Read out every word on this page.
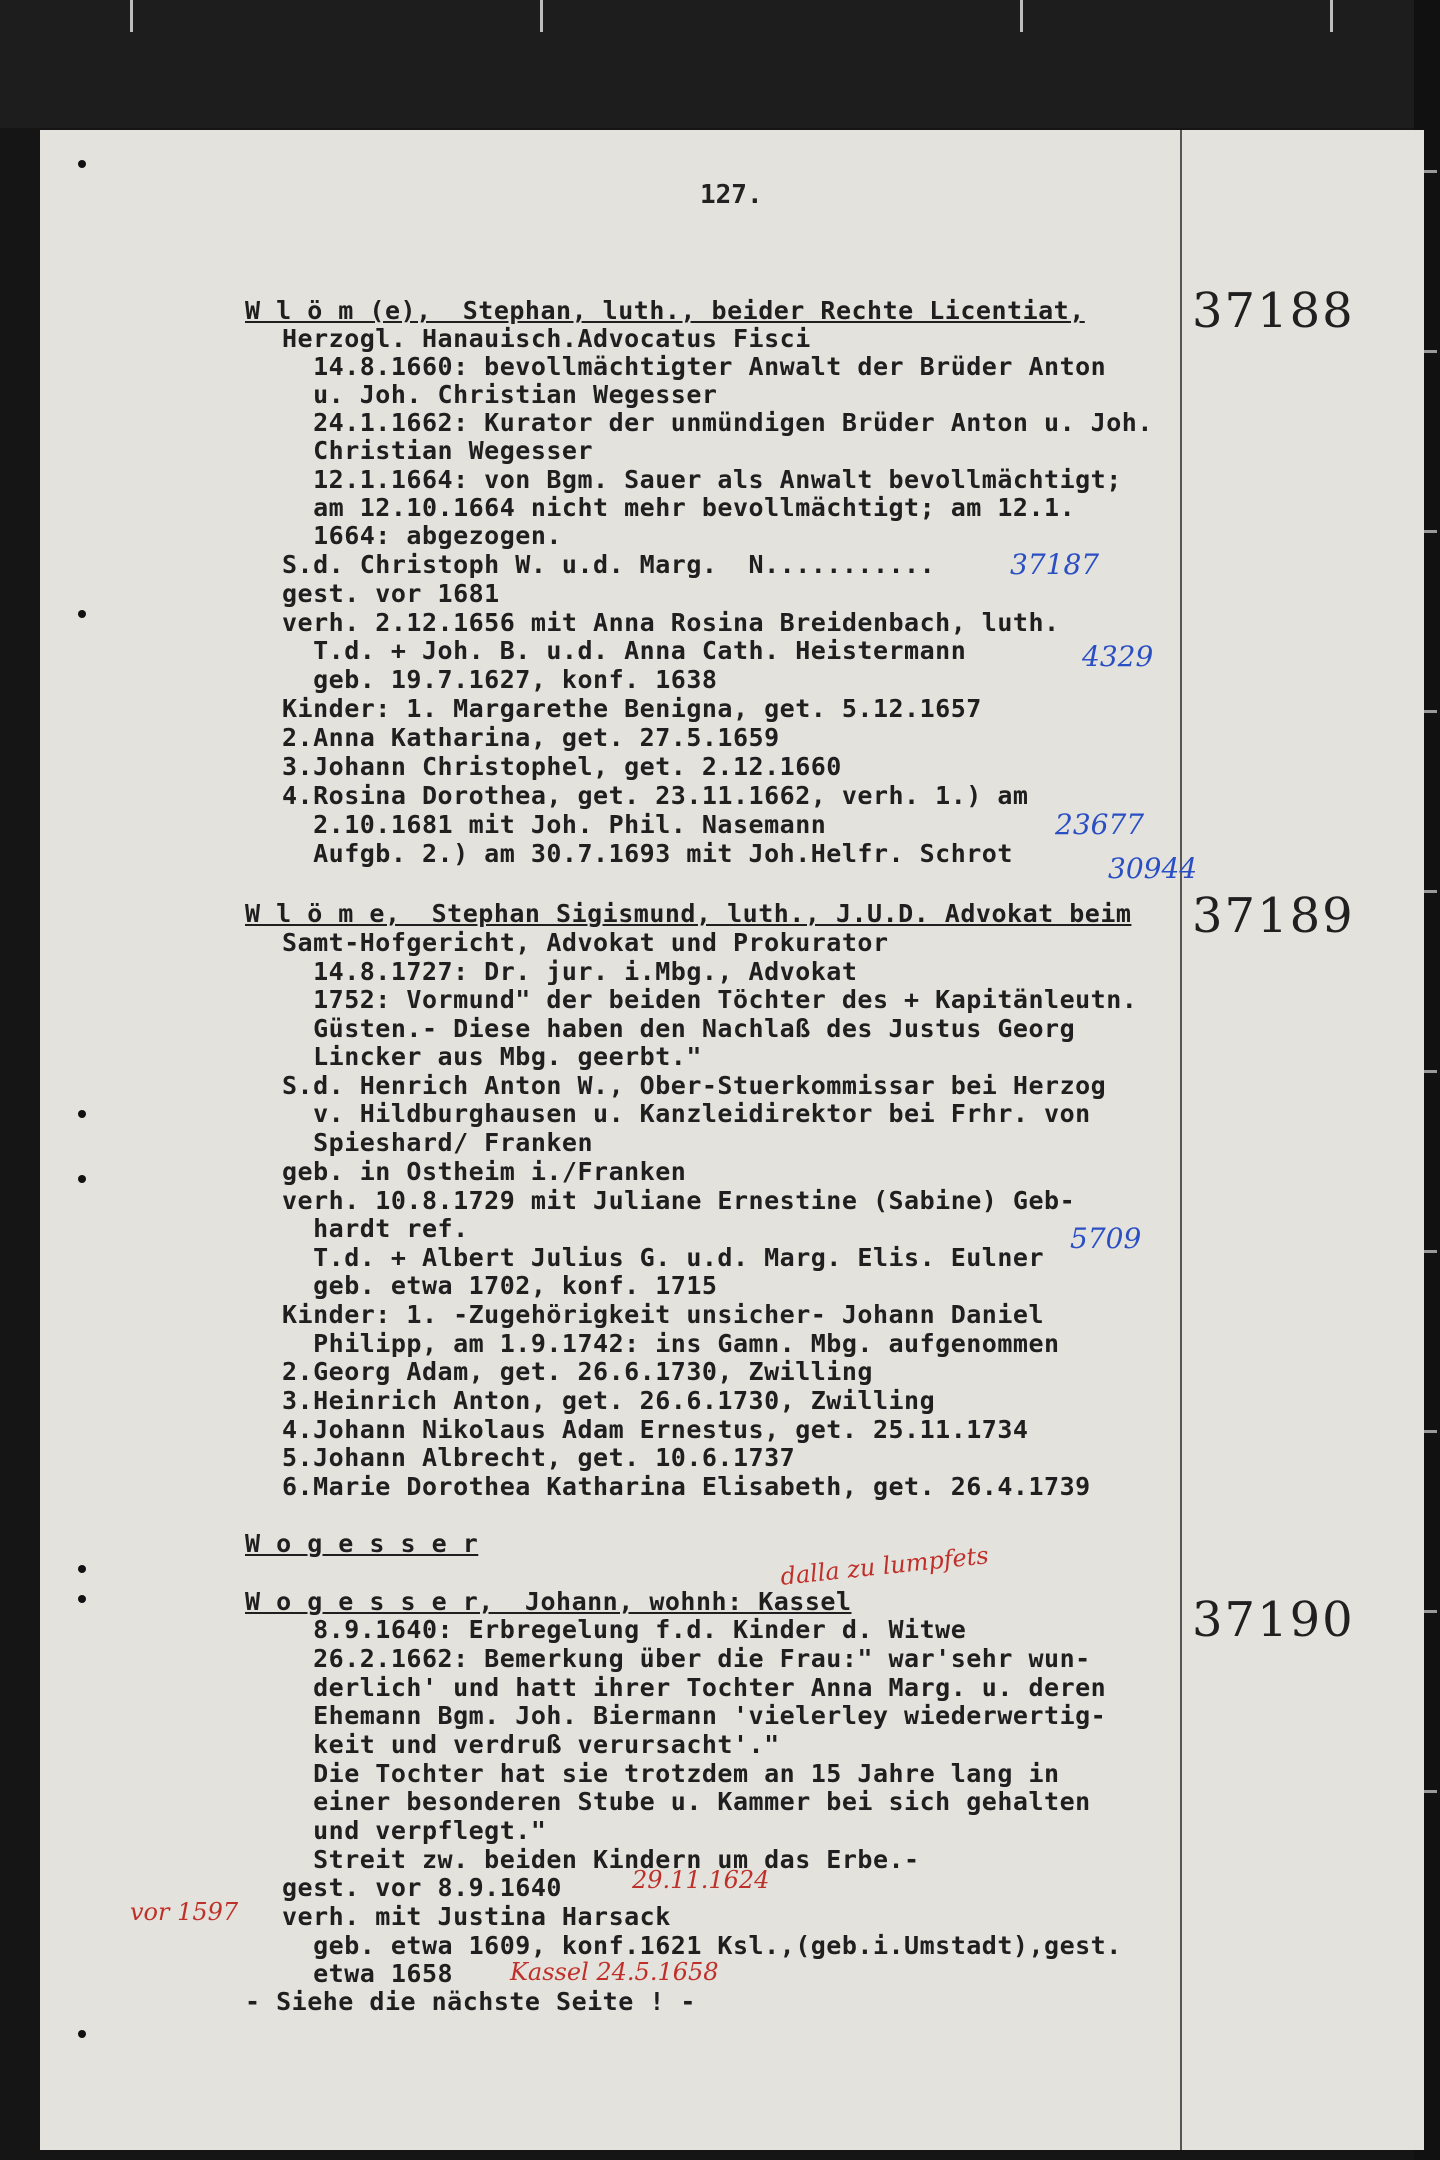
127.
W l ö m (e),  Stephan, luth., beider Rechte Licentiat,
Herzogl. Hanauisch.Advocatus Fisci
14.8.1660: bevollmächtigter Anwalt der Brüder Anton
u. Joh. Christian Wegesser
24.1.1662: Kurator der unmündigen Brüder Anton u. Joh.
Christian Wegesser
12.1.1664: von Bgm. Sauer als Anwalt bevollmächtigt;
am 12.10.1664 nicht mehr bevollmächtigt; am 12.1.
1664: abgezogen.
S.d. Christoph W. u.d. Marg.  N...........
gest. vor 1681
verh. 2.12.1656 mit Anna Rosina Breidenbach, luth.
T.d. + Joh. B. u.d. Anna Cath. Heistermann
geb. 19.7.1627, konf. 1638
Kinder: 1. Margarethe Benigna, get. 5.12.1657
2.Anna Katharina, get. 27.5.1659
3.Johann Christophel, get. 2.12.1660
4.Rosina Dorothea, get. 23.11.1662, verh. 1.) am
2.10.1681 mit Joh. Phil. Nasemann
Aufgb. 2.) am 30.7.1693 mit Joh.Helfr. Schrot
37188
37187
4329
23677
30944
W l ö m e,  Stephan Sigismund, luth., J.U.D. Advokat beim
Samt-Hofgericht, Advokat und Prokurator
14.8.1727: Dr. jur. i.Mbg., Advokat
1752: Vormund" der beiden Töchter des + Kapitänleutn.
Güsten.- Diese haben den Nachlaß des Justus Georg
Lincker aus Mbg. geerbt."
S.d. Henrich Anton W., Ober-Stuerkommissar bei Herzog
v. Hildburghausen u. Kanzleidirektor bei Frhr. von
Spieshard/ Franken
geb. in Ostheim i./Franken
verh. 10.8.1729 mit Juliane Ernestine (Sabine) Geb-
hardt ref.
T.d. + Albert Julius G. u.d. Marg. Elis. Eulner
geb. etwa 1702, konf. 1715
Kinder: 1. -Zugehörigkeit unsicher- Johann Daniel
Philipp, am 1.9.1742: ins Gamn. Mbg. aufgenommen
2.Georg Adam, get. 26.6.1730, Zwilling
3.Heinrich Anton, get. 26.6.1730, Zwilling
4.Johann Nikolaus Adam Ernestus, get. 25.11.1734
5.Johann Albrecht, get. 10.6.1737
6.Marie Dorothea Katharina Elisabeth, get. 26.4.1739
37189
5709
W o g e s s e r
W o g e s s e r,  Johann, wohnh: Kassel
8.9.1640: Erbregelung f.d. Kinder d. Witwe
26.2.1662: Bemerkung über die Frau:" war'sehr wun-
derlich' und hatt ihrer Tochter Anna Marg. u. deren
Ehemann Bgm. Joh. Biermann 'vielerley wiederwertig-
keit und verdruß verursacht'."
Die Tochter hat sie trotzdem an 15 Jahre lang in
einer besonderen Stube u. Kammer bei sich gehalten
und verpflegt."
Streit zw. beiden Kindern um das Erbe.-
gest. vor 8.9.1640
verh. mit Justina Harsack
geb. etwa 1609, konf.1621 Ksl.,(geb.i.Umstadt),gest.
etwa 1658
- Siehe die nächste Seite ! -
37190
dalla zu lumpfets
29.11.1624
vor 1597
Kassel 24.5.1658
